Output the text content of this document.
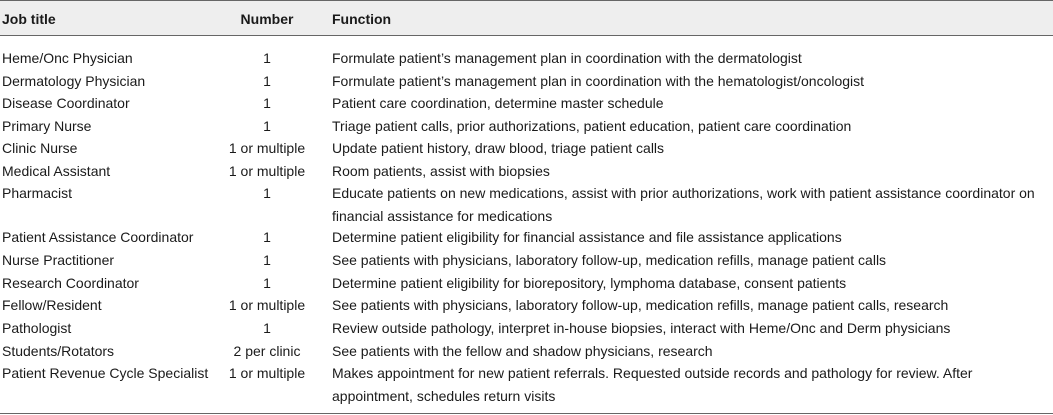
Job title	Number	Function
Heme/Onc Physician	1	Formulate patient’s management plan in coordination with the dermatologist
Dermatology Physician	1	Formulate patient’s management plan in coordination with the hematologist/oncologist
Disease Coordinator	1	Patient care coordination, determine master schedule
Primary Nurse	1	Triage patient calls, prior authorizations, patient education, patient care coordination
Clinic Nurse	1 or multiple	Update patient history, draw blood, triage patient calls
Medical Assistant	1 or multiple	Room patients, assist with biopsies
Pharmacist	1	Educate patients on new medications, assist with prior authorizations, work with patient assistance coordinator on financial assistance for medications
Patient Assistance Coordinator	1	Determine patient eligibility for financial assistance and file assistance applications
Nurse Practitioner	1	See patients with physicians, laboratory follow-up, medication refills, manage patient calls
Research Coordinator	1	Determine patient eligibility for biorepository, lymphoma database, consent patients
Fellow/Resident	1 or multiple	See patients with physicians, laboratory follow-up, medication refills, manage patient calls, research
Pathologist	1	Review outside pathology, interpret in-house biopsies, interact with Heme/Onc and Derm physicians
Students/Rotators	2 per clinic	See patients with the fellow and shadow physicians, research
Patient Revenue Cycle Specialist	1 or multiple	Makes appointment for new patient referrals. Requested outside records and pathology for review. After appointment, schedules return visits
